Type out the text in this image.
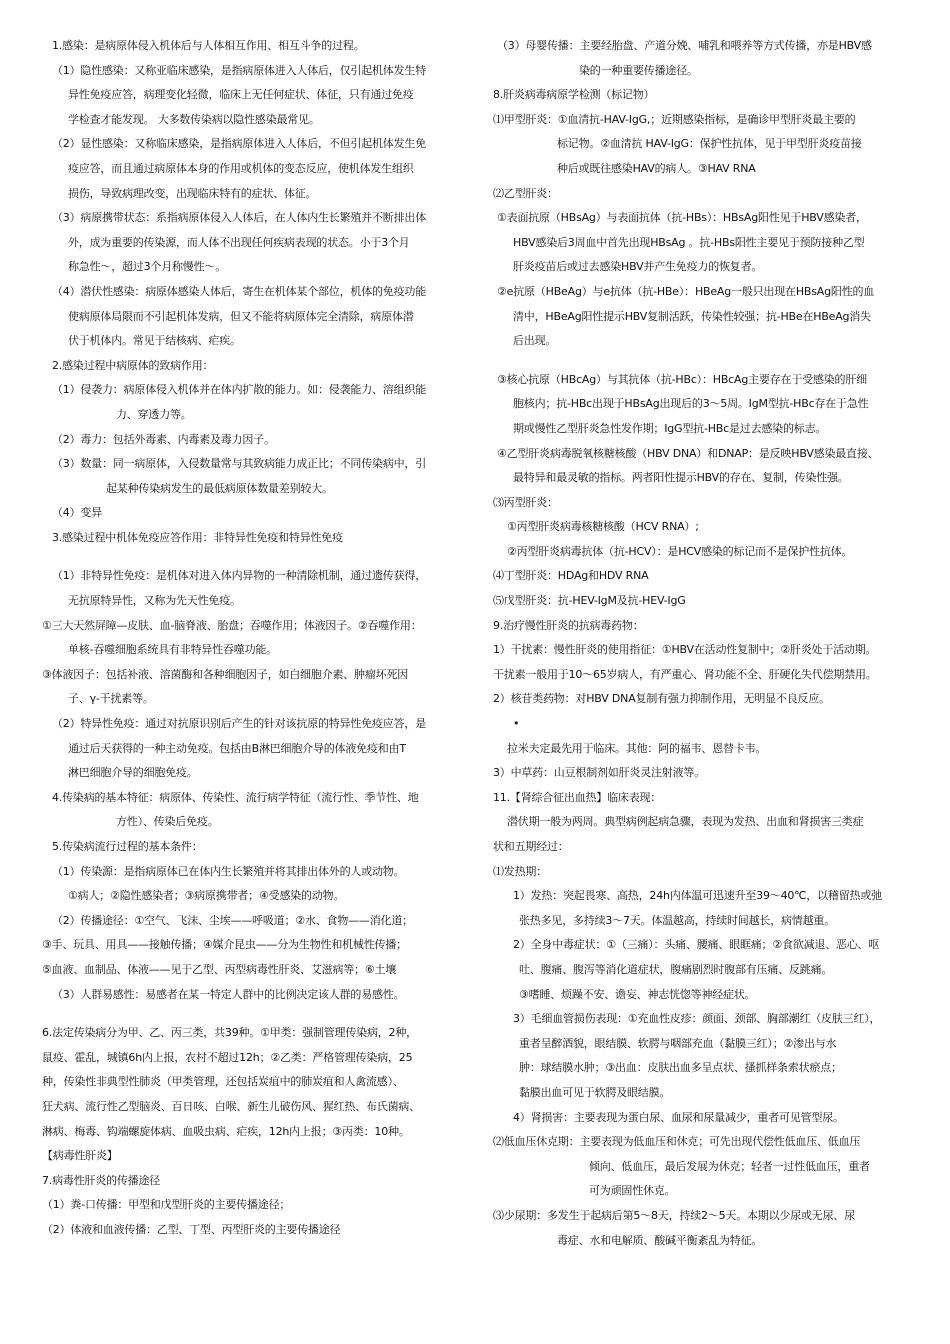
1.感染：是病原体侵入机体后与人体相互作用、相互斗争的过程。
（1）隐性感染：又称亚临床感染，是指病原体进入人体后，仅引起机体发生特
异性免疫应答，病理变化轻微，临床上无任何症状、体征，只有通过免疫
学检查才能发现。 大多数传染病以隐性感染最常见。
（2）显性感染：又称临床感染，是指病原体进入人体后，不但引起机体发生免
疫应答，而且通过病原体本身的作用或机体的变态反应，使机体发生组织
损伤，导致病理改变，出现临床特有的症状、体征。
（3）病原携带状态：系指病原体侵入人体后，在人体内生长繁殖并不断排出体
外，成为重要的传染源，而人体不出现任何疾病表现的状态。小于3个月
称急性～，超过3个月称慢性～。
（4）潜伏性感染：病原体感染人体后，寄生在机体某个部位，机体的免疫功能
使病原体局限而不引起机体发病，但又不能将病原体完全清除，病原体潜
伏于机体内。常见于结核病、疟疾。
2.感染过程中病原体的致病作用：
（1）侵袭力：病原体侵入机体并在体内扩散的能力。如：侵袭能力、溶组织能
力、穿透力等。
（2）毒力：包括外毒素、内毒素及毒力因子。
（3）数量：同一病原体，入侵数量常与其致病能力成正比；不同传染病中，引
起某种传染病发生的最低病原体数量差别较大。
（4）变异
3.感染过程中机体免疫应答作用：非特异性免疫和特异性免疫
（1）非特异性免疫：是机体对进入体内异物的一种清除机制，通过遗传获得，
无抗原特异性，又称为先天性免疫。
①三大天然屏障—皮肤、血-脑脊液、胎盘；吞噬作用；体液因子。②吞噬作用：
单核-吞噬细胞系统具有非特异性吞噬功能。
③体液因子：包括补液、溶菌酶和各种细胞因子，如白细胞介素、肿瘤坏死因
子、γ-干扰素等。
（2）特异性免疫：通过对抗原识别后产生的针对该抗原的特异性免疫应答，是
通过后天获得的一种主动免疫。包括由B淋巴细胞介导的体液免疫和由T
淋巴细胞介导的细胞免疫。
4.传染病的基本特征：病原体、传染性、流行病学特征（流行性、季节性、地
方性）、传染后免疫。
5.传染病流行过程的基本条件：
（1）传染源：是指病原体已在体内生长繁殖并将其排出体外的人或动物。
①病人；②隐性感染者；③病原携带者；④受感染的动物。
（2）传播途径：①空气、飞沫、尘埃——呼吸道；②水、食物——消化道；
③手、玩具、用具——接触传播；④媒介昆虫——分为生物性和机械性传播；
⑤血液、血制品、体液——见于乙型、丙型病毒性肝炎、艾滋病等；⑥土壤
（3）人群易感性：易感者在某一特定人群中的比例决定该人群的易感性。
6.法定传染病分为甲、乙、丙三类，共39种。①甲类：强制管理传染病，2种，
鼠疫、霍乱，城镇6h内上报，农村不超过12h；②乙类：严格管理传染病，25
种，传染性非典型性肺炎（甲类管理，还包括炭疽中的肺炭疽和人禽流感）、
狂犬病、流行性乙型脑炎、百日咳、白喉、新生儿破伤风、猩红热、布氏菌病、
淋病、梅毒、钩端螺旋体病、血吸虫病、疟疾，12h内上报；③丙类：10种。
【病毒性肝炎】
7.病毒性肝炎的传播途径
（1）粪-口传播：甲型和戊型肝炎的主要传播途径；
（2）体液和血液传播：乙型、丁型、丙型肝炎的主要传播途径
（3）母婴传播：主要经胎盘、产道分娩、哺乳和喂养等方式传播，亦是HBV感
染的一种重要传播途径。
8.肝炎病毒病原学检测（标记物）
⑴甲型肝炎：①血清抗-HAV-IgG,；近期感染指标，是确诊甲型肝炎最主要的
标记物。②血清抗 HAV-IgG：保护性抗体，见于甲型肝炎疫苗接
种后或既往感染HAV的病人。③HAV RNA
⑵乙型肝炎：
①表面抗原（HBsAg）与表面抗体（抗-HBs）：HBsAg阳性见于HBV感染者，
HBV感染后3周血中首先出现HBsAg 。抗-HBs阳性主要见于预防接种乙型
肝炎疫苗后或过去感染HBV并产生免疫力的恢复者。
②e抗原（HBeAg）与e抗体（抗-HBe）：HBeAg一般只出现在HBsAg阳性的血
清中，HBeAg阳性提示HBV复制活跃，传染性较强；抗-HBe在HBeAg消失
后出现。
③核心抗原（HBcAg）与其抗体（抗-HBc）：HBcAg主要存在于受感染的肝细
胞核内；抗-HBc出现于HBsAg出现后的3～5周。IgM型抗-HBc存在于急性
期或慢性乙型肝炎急性发作期；IgG型抗-HBc是过去感染的标志。
④乙型肝炎病毒脱氧核糖核酸（HBV DNA）和DNAP：是反映HBV感染最直接、
最特异和最灵敏的指标。两者阳性提示HBV的存在、复制，传染性强。
⑶丙型肝炎：
①丙型肝炎病毒核糖核酸（HCV RNA）;
②丙型肝炎病毒抗体（抗-HCV）：是HCV感染的标记而不是保护性抗体。
⑷丁型肝炎：HDAg和HDV RNA
⑸戊型肝炎：抗-HEV-IgM及抗-HEV-IgG
9.治疗慢性肝炎的抗病毒药物：
1）干扰素：慢性肝炎的使用指征：①HBV在活动性复制中；②肝炎处于活动期。
干扰素一般用于10～65岁病人，有严重心、肾功能不全、肝硬化失代偿期禁用。
2）核苷类药物：对HBV DNA复制有强力抑制作用，无明显不良反应。
•
拉米夫定最先用于临床。其他：阿的福韦、恩替卡韦。
3）中草药：山豆根制剂如肝炎灵注射液等。
11.【肾综合征出血热】临床表现：
潜伏期一般为两周。典型病例起病急骤，表现为发热、出血和肾损害三类症
状和五期经过：
⑴发热期：
1）发热：突起畏寒、高热，24h内体温可迅速升至39～40℃，以稽留热或弛
张热多见，多持续3～7天。体温越高，持续时间越长，病情越重。
2）全身中毒症状：①（三痛）：头痛、腰痛、眼眶痛；②食欲减退、恶心、呕
吐、腹痛、腹泻等消化道症状，腹痛剧烈时腹部有压痛、反跳痛。
③嗜睡、烦躁不安、谵妄、神志恍惚等神经症状。
3）毛细血管损伤表现：①充血性皮疹：颜面、颈部、胸部潮红（皮肤三红），
重者呈醉酒貌，眼结膜、软腭与咽部充血（黏膜三红）；②渗出与水
肿：球结膜水肿；③出血：皮肤出血多呈点状、搔抓样条索状瘀点；
黏膜出血可见于软腭及眼结膜。
4）肾损害：主要表现为蛋白尿、血尿和尿量减少，重者可见管型尿。
⑵低血压休克期：主要表现为低血压和休克；可先出现代偿性低血压、低血压
倾向、低血压，最后发展为休克；轻者一过性低血压，重者
可为顽固性休克。
⑶少尿期：多发生于起病后第5～8天，持续2～5天。本期以少尿或无尿、尿
毒症、水和电解质、酸碱平衡紊乱为特征。
